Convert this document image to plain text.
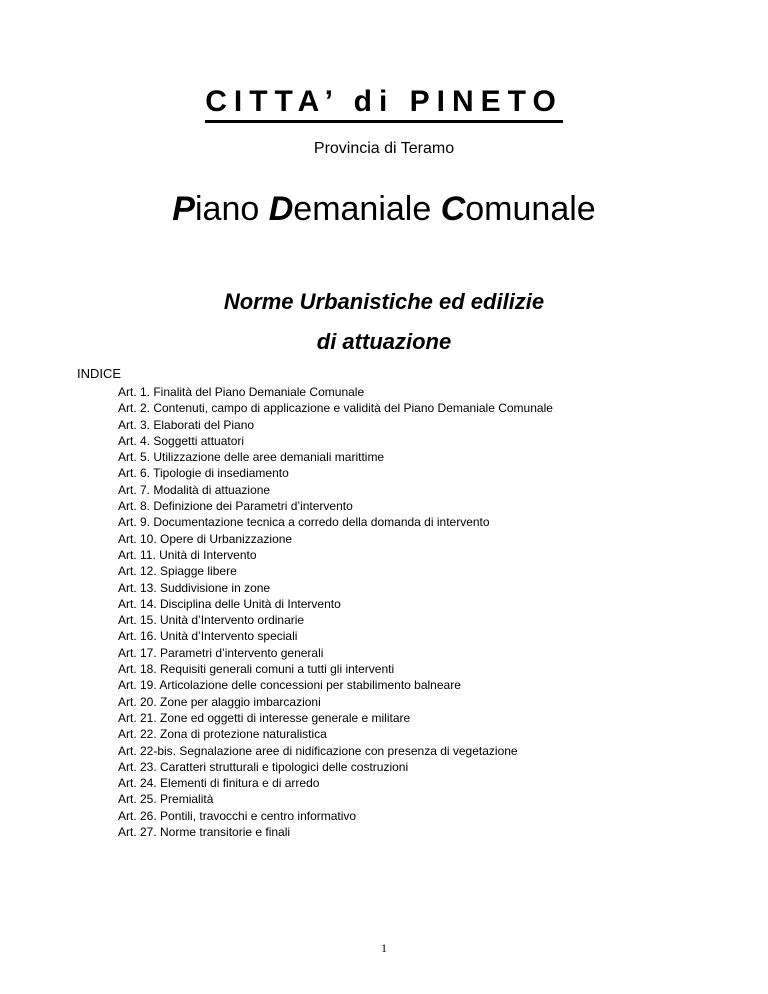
CITTA’ di PINETO
Provincia di Teramo
Piano Demaniale Comunale
Norme Urbanistiche ed edilizie
di attuazione
INDICE
Art. 1. Finalità del Piano Demaniale Comunale
Art. 2. Contenuti, campo di applicazione e validità del Piano Demaniale Comunale
Art. 3. Elaborati del Piano
Art. 4. Soggetti attuatori
Art. 5. Utilizzazione delle aree demaniali marittime
Art. 6. Tipologie di insediamento
Art. 7. Modalità di attuazione
Art. 8. Definizione dei Parametri d’intervento
Art. 9. Documentazione tecnica a corredo della domanda di intervento
Art. 10. Opere di Urbanizzazione
Art. 11. Unità di Intervento
Art. 12. Spiagge libere
Art. 13. Suddivisione in zone
Art. 14. Disciplina delle Unità di Intervento
Art. 15. Unità d’Intervento ordinarie
Art. 16. Unità d’Intervento speciali
Art. 17. Parametri d’intervento generali
Art. 18. Requisiti generali comuni a tutti gli interventi
Art. 19. Articolazione delle concessioni per stabilimento balneare
Art. 20. Zone per alaggio imbarcazioni
Art. 21. Zone ed oggetti di interesse generale e militare
Art. 22. Zona di protezione naturalistica
Art. 22-bis. Segnalazione aree di nidificazione con presenza di vegetazione
Art. 23. Caratteri strutturali e tipologici delle costruzioni
Art. 24. Elementi di finitura e di arredo
Art. 25. Premialità
Art. 26. Pontili, travocchi e centro informativo
Art. 27. Norme transitorie e finali
1
